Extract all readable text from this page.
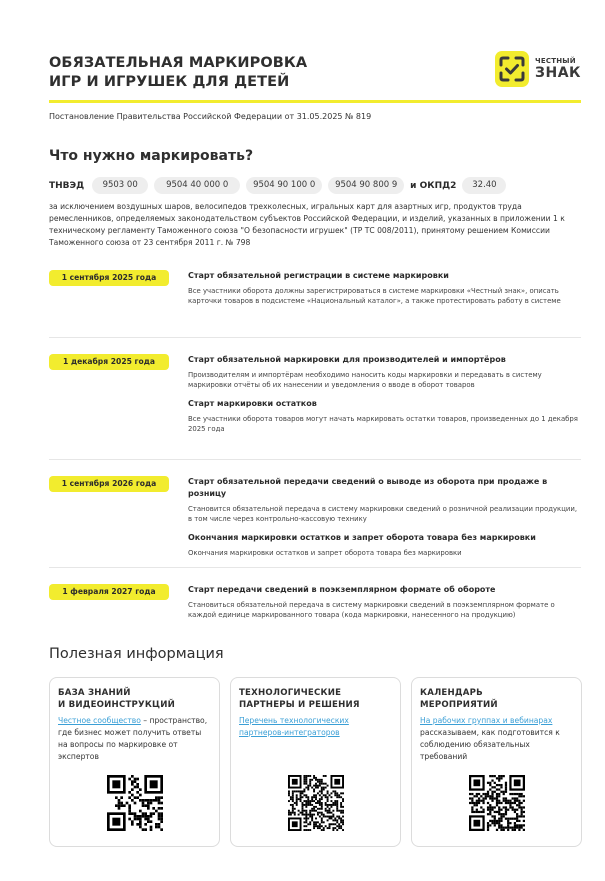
ОБЯЗАТЕЛЬНАЯ МАРКИРОВКА
ИГР И ИГРУШЕК ДЛЯ ДЕТЕЙ
ЧЕСТНЫЙ
ЗНАК
Постановление Правительства Российской Федерации от 31.05.2025 № 819
Что нужно маркировать?
ТНВЭД	9503 00	9504 40 000 0	9504 90 100 0	9504 90 800 9	и ОКПД2	32.40
за исключением воздушных шаров, велосипедов трехколесных, игральных карт для азартных игр, продуктов труда ремесленников, определяемых законодательством субъектов Российской Федерации, и изделий, указанных в приложении 1 к техническому регламенту Таможенного союза "О безопасности игрушек" (ТР ТС 008/2011), принятому решением Комиссии Таможенного союза от 23 сентября 2011 г. № 798
1 сентября 2025 года	Старт обязательной регистрации в системе маркировки
Все участники оборота должны зарегистрироваться в системе маркировки «Честный знак», описать карточки товаров в подсистеме «Национальный каталог», а также протестировать работу в системе
1 декабря 2025 года	Старт обязательной маркировки для производителей и импортёров
Производителям и импортёрам необходимо наносить коды маркировки и передавать в систему маркировки отчёты об их нанесении и уведомления о вводе в оборот товаров
Старт маркировки остатков
Все участники оборота товаров могут начать маркировать остатки товаров, произведенных до 1 декабря 2025 года
1 сентября 2026 года	Старт обязательной передачи сведений о выводе из оборота при продаже в розницу
Становится обязательной передача в систему маркировки сведений о розничной реализации продукции, в том числе через контрольно-кассовую технику
Окончания маркировки остатков и запрет оборота товара без маркировки
Окончания маркировки остатков и запрет оборота товара без маркировки
1 февраля 2027 года	Старт передачи сведений в поэкземплярном формате об обороте
Становиться обязательной передача в систему маркировки сведений в поэкземплярном формате о каждой единице маркированного товара (кода маркировки, нанесенного на продукцию)
Полезная информация
БАЗА ЗНАНИЙ
И ВИДЕОИНСТРУКЦИЙ
Честное сообщество – пространство, где бизнес может получить ответы на вопросы по маркировке от экспертов
ТЕХНОЛОГИЧЕСКИЕ
ПАРТНЕРЫ И РЕШЕНИЯ
Перечень технологических партнеров-интеграторов
КАЛЕНДАРЬ
МЕРОПРИЯТИЙ
На рабочих группах и вебинарах рассказываем, как подготовится к соблюдению обязательных требований
